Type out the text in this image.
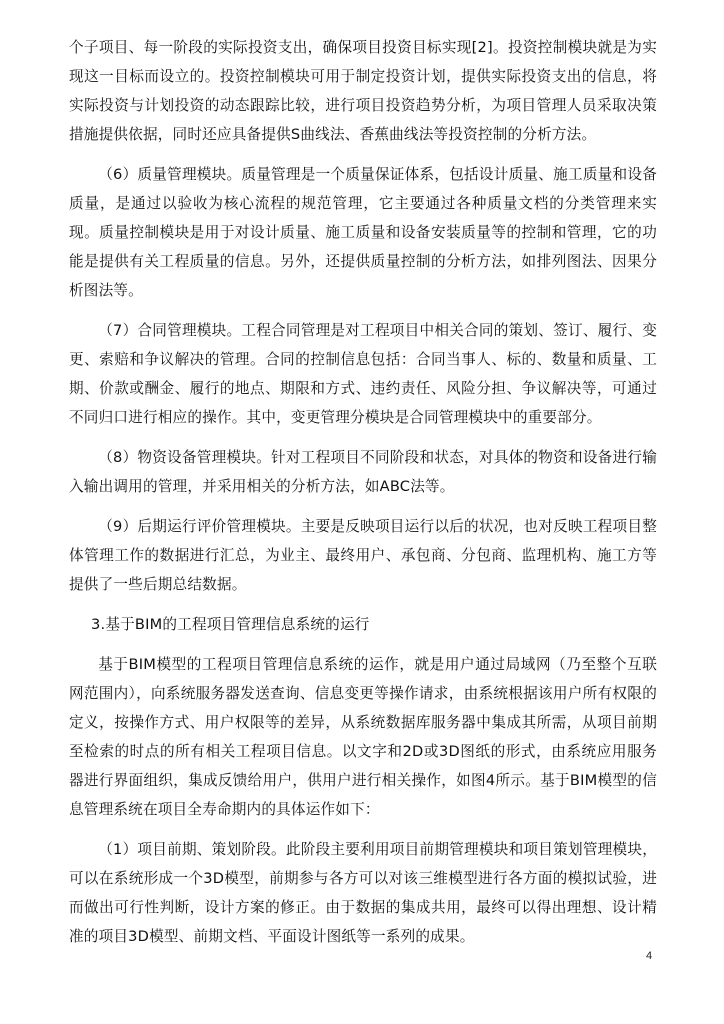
个子项目、每一阶段的实际投资支出，确保项目投资目标实现[2]。投资控制模块就是为实现这一目标而设立的。投资控制模块可用于制定投资计划，提供实际投资支出的信息，将实际投资与计划投资的动态跟踪比较，进行项目投资趋势分析，为项目管理人员采取决策措施提供依据，同时还应具备提供S曲线法、香蕉曲线法等投资控制的分析方法。

（6）质量管理模块。质量管理是一个质量保证体系，包括设计质量、施工质量和设备质量，是通过以验收为核心流程的规范管理，它主要通过各种质量文档的分类管理来实现。质量控制模块是用于对设计质量、施工质量和设备安装质量等的控制和管理，它的功能是提供有关工程质量的信息。另外，还提供质量控制的分析方法，如排列图法、因果分析图法等。

（7）合同管理模块。工程合同管理是对工程项目中相关合同的策划、签订、履行、变更、索赔和争议解决的管理。合同的控制信息包括：合同当事人、标的、数量和质量、工期、价款或酬金、履行的地点、期限和方式、违约责任、风险分担、争议解决等，可通过不同归口进行相应的操作。其中，变更管理分模块是合同管理模块中的重要部分。

（8）物资设备管理模块。针对工程项目不同阶段和状态，对具体的物资和设备进行输入输出调用的管理，并采用相关的分析方法，如ABC法等。

（9）后期运行评价管理模块。主要是反映项目运行以后的状况，也对反映工程项目整体管理工作的数据进行汇总，为业主、最终用户、承包商、分包商、监理机构、施工方等提供了一些后期总结数据。

3.基于BIM的工程项目管理信息系统的运行

基于BIM模型的工程项目管理信息系统的运作，就是用户通过局域网（乃至整个互联网范围内），向系统服务器发送查询、信息变更等操作请求，由系统根据该用户所有权限的定义，按操作方式、用户权限等的差异，从系统数据库服务器中集成其所需，从项目前期至检索的时点的所有相关工程项目信息。以文字和2D或3D图纸的形式，由系统应用服务器进行界面组织，集成反馈给用户，供用户进行相关操作，如图4所示。基于BIM模型的信息管理系统在项目全寿命期内的具体运作如下：

（1）项目前期、策划阶段。此阶段主要利用项目前期管理模块和项目策划管理模块，可以在系统形成一个3D模型，前期参与各方可以对该三维模型进行各方面的模拟试验，进而做出可行性判断，设计方案的修正。由于数据的集成共用，最终可以得出理想、设计精准的项目3D模型、前期文档、平面设计图纸等一系列的成果。

4
